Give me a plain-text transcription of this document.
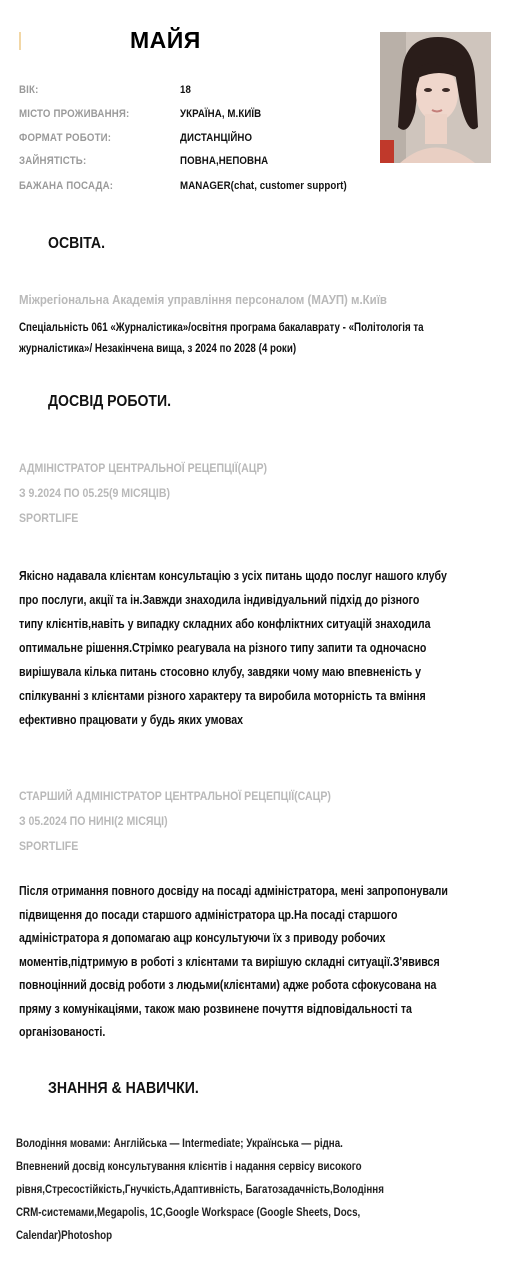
МАЙЯ
ВІК:	18
МІСТО ПРОЖИВАННЯ:	УКРАЇНА, М.КИЇВ
ФОРМАТ РОБОТИ:	ДИСТАНЦІЙНО
ЗАЙНЯТІСТЬ:	ПОВНА,НЕПОВНА
БАЖАНА ПОСАДА:	MANAGER(chat, customer support)
ОСВІТА.
Міжрегіональна Академія управління персоналом (МАУП) м.Київ
Спеціальність 061 «Журналістика»/освітня програма бакалаврату - «Політологія та
журналістика»/ Незакінчена вища, з 2024 по 2028 (4 роки)
ДОСВІД РОБОТИ.
АДМІНІСТРАТОР ЦЕНТРАЛЬНОЇ РЕЦЕПЦІЇ(АЦР)
З 9.2024 ПО 05.25(9 МІСЯЦІВ)
SPORTLIFE
Якісно надавала клієнтам консультацію з усіх питань щодо послуг нашого клубу
про послуги, акції та ін.Завжди знаходила індивідуальний підхід до різного
типу клієнтів,навіть у випадку складних або конфліктних ситуацій знаходила
оптимальне рішення.Стрімко реагувала на різного типу запити та одночасно
вирішувала кілька питань стосовно клубу, завдяки чому маю впевненість у
спілкуванні з клієнтами різного характеру та виробила моторність та вміння
ефективно працювати у будь яких умовах
СТАРШИЙ АДМІНІСТРАТОР ЦЕНТРАЛЬНОЇ РЕЦЕПЦІЇ(САЦР)
З 05.2024 ПО НИНІ(2 МІСЯЦІ)
SPORTLIFE
Після отримання повного досвіду на посаді адміністратора, мені запропонували
підвищення до посади старшого адміністратора цр.На посаді старшого
адміністратора я допомагаю ацр консультуючи їх з приводу робочих
моментів,підтримую в роботі з клієнтами та вирішую складні ситуації.З'явився
повноцінний досвід роботи з людьми(клієнтами) адже робота сфокусована на
пряму з комунікаціями, також маю розвинене почуття відповідальності та
організованості.
ЗНАННЯ & НАВИЧКИ.
Володіння мовами: Англійська — Intermediate; Українська — рідна.
Впевнений досвід консультування клієнтів і надання сервісу високого
рівня,Стресостійкість,Гнучкість,Адаптивність, Багатозадачність,Володіння
CRM-системами,Megapolis, 1C,Google Workspace (Google Sheets, Docs,
Calendar)Photoshop
